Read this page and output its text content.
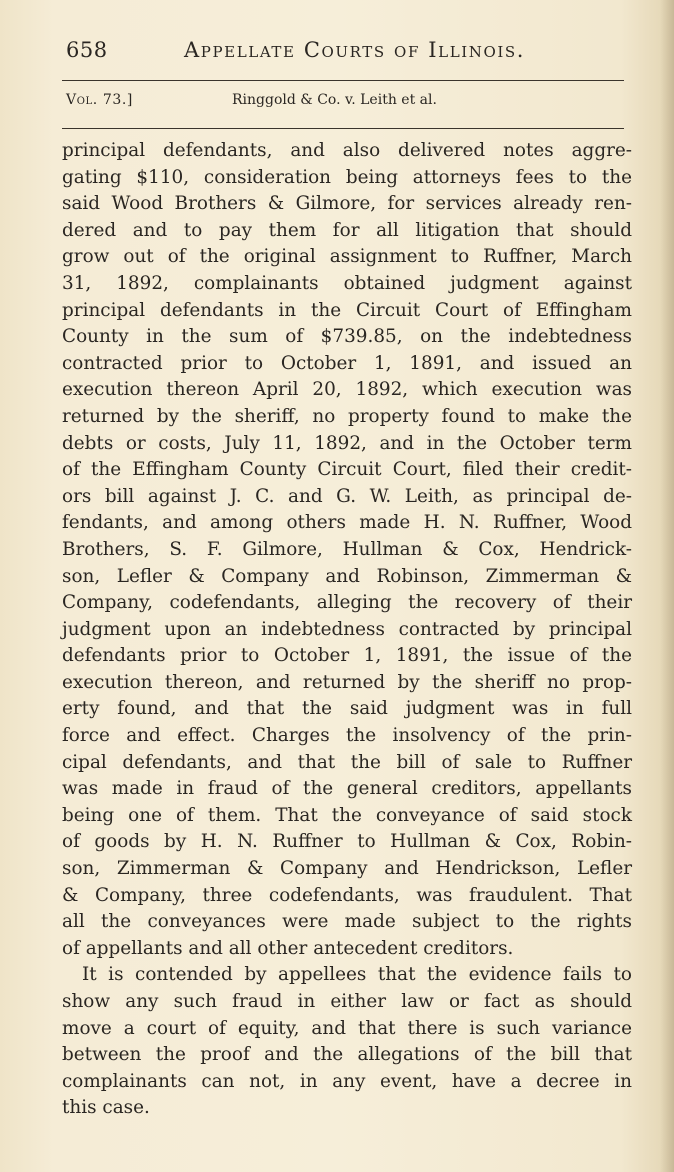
658	Appellate Courts of Illinois.
Vol. 73.]	Ringgold & Co. v. Leith et al.
principal defendants, and also delivered notes aggre-
gating $110, consideration being attorneys fees to the
said Wood Brothers & Gilmore, for services already ren-
dered and to pay them for all litigation that should
grow out of the original assignment to Ruffner, March
31, 1892, complainants obtained judgment against
principal defendants in the Circuit Court of Effingham
County in the sum of $739.85, on the indebtedness
contracted prior to October 1, 1891, and issued an
execution thereon April 20, 1892, which execution was
returned by the sheriff, no property found to make the
debts or costs, July 11, 1892, and in the October term
of the Effingham County Circuit Court, filed their credit-
ors bill against J. C. and G. W. Leith, as principal de-
fendants, and among others made H. N. Ruffner, Wood
Brothers, S. F. Gilmore, Hullman & Cox, Hendrick-
son, Lefler & Company and Robinson, Zimmerman &
Company, codefendants, alleging the recovery of their
judgment upon an indebtedness contracted by principal
defendants prior to October 1, 1891, the issue of the
execution thereon, and returned by the sheriff no prop-
erty found, and that the said judgment was in full
force and effect. Charges the insolvency of the prin-
cipal defendants, and that the bill of sale to Ruffner
was made in fraud of the general creditors, appellants
being one of them. That the conveyance of said stock
of goods by H. N. Ruffner to Hullman & Cox, Robin-
son, Zimmerman & Company and Hendrickson, Lefler
& Company, three codefendants, was fraudulent. That
all the conveyances were made subject to the rights
of appellants and all other antecedent creditors.
It is contended by appellees that the evidence fails to
show any such fraud in either law or fact as should
move a court of equity, and that there is such variance
between the proof and the allegations of the bill that
complainants can not, in any event, have a decree in
this case.
